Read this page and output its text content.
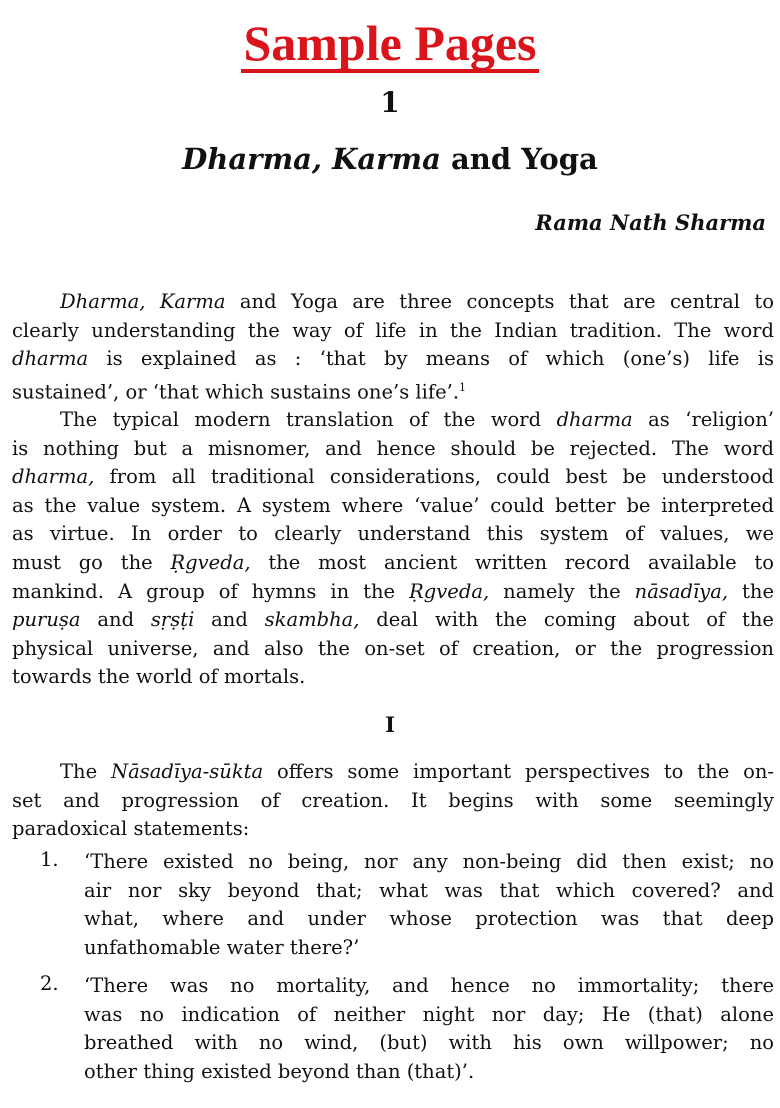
Sample Pages
1
Dharma, Karma and Yoga
Rama Nath Sharma
I
Dharma, Karma and Yoga are three concepts that are central to
clearly understanding the way of life in the Indian tradition. The word
dharma is explained as : ‘that by means of which (one’s) life is
sustained’, or ‘that which sustains one’s life’.$^1$
The typical modern translation of the word dharma as ‘religion’
is nothing but a misnomer, and hence should be rejected. The word
dharma, from all traditional considerations, could best be understood
as the value system. A system where ‘value’ could better be interpreted
as virtue. In order to clearly understand this system of values, we
must go the Ṛgveda, the most ancient written record available to
mankind. A group of hymns in the Ṛgveda, namely the nāsadīya, the
puruṣa and sṛṣṭi and skambha, deal with the coming about of the
physical universe, and also the on-set of creation, or the progression
towards the world of mortals.
The Nāsadīya-sūkta offers some important perspectives to the on-
set and progression of creation. It begins with some seemingly
paradoxical statements:
1.	‘There existed no being, nor any non-being did then exist; no
air nor sky beyond that; what was that which covered? and
what, where and under whose protection was that deep
unfathomable water there?’
2.	‘There was no mortality, and hence no immortality; there
was no indication of neither night nor day; He (that) alone
breathed with no wind, (but) with his own willpower; no
other thing existed beyond than (that)’.
